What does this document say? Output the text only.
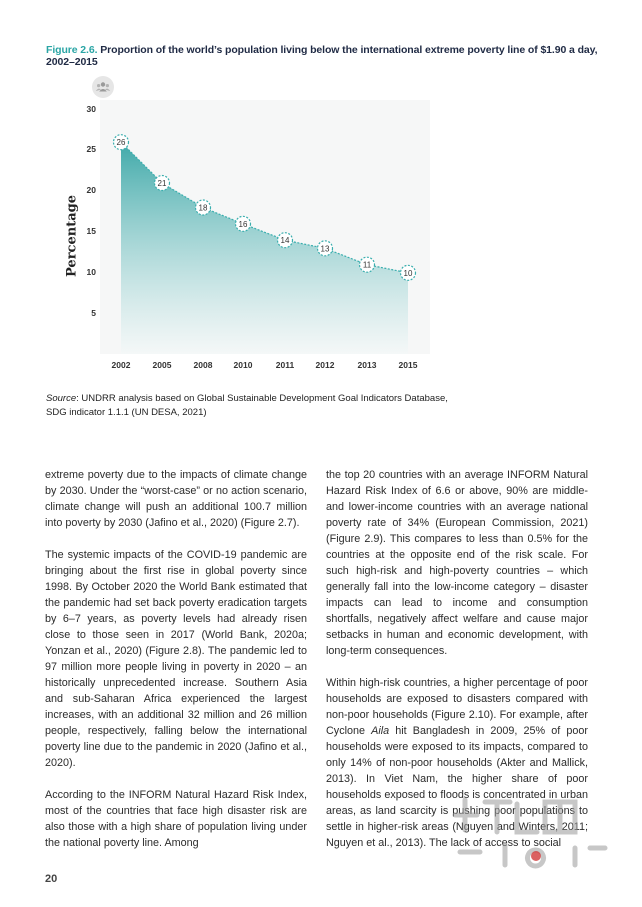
Figure 2.6. Proportion of the world’s population living below the international extreme poverty line of $1.90 a day, 2002–2015
30
25
20
15
10
5
2002	2005	2008 2010	2011	2012	2013	2015
26
21
18
16
14
13
11
10
Percentage
Source: UNDRR analysis based on Global Sustainable Development Goal Indicators Database,
SDG indicator 1.1.1 (UN DESA, 2021)

extreme poverty due to the impacts of climate change by 2030. Under the “worst-case” or no action scenario, climate change will push an additional 100.7 million into poverty by 2030 (Jafino et al., 2020) (Figure 2.7).

The systemic impacts of the COVID-19 pandemic are bringing about the first rise in global poverty since 1998. By October 2020 the World Bank estimated that the pandemic had set back poverty eradication targets by 6–7 years, as poverty levels had already risen close to those seen in 2017 (World Bank, 2020a; Yonzan et al., 2020) (Figure 2.8). The pandemic led to 97 million more people living in poverty in 2020 – an historically unprecedented increase. Southern Asia and sub-Saharan Africa experienced the largest increases, with an additional 32 million and 26 million people, respectively, falling below the international poverty line due to the pandemic in 2020 (Jafino et al., 2020).

According to the INFORM Natural Hazard Risk Index, most of the countries that face high disaster risk are also those with a high share of population living under the national poverty line. Among

the top 20 countries with an average INFORM Natural Hazard Risk Index of 6.6 or above, 90% are middle- and lower-income countries with an average national poverty rate of 34% (European Commission, 2021) (Figure 2.9). This compares to less than 0.5% for the countries at the opposite end of the risk scale. For such high-risk and high-poverty countries – which generally fall into the low-income category – disaster impacts can lead to income and consumption shortfalls, negatively affect welfare and cause major setbacks in human and economic development, with long-term consequences.

Within high-risk countries, a higher percentage of poor households are exposed to disasters compared with non-poor households (Figure 2.10). For example, after Cyclone Aila hit Bangladesh in 2009, 25% of poor households were exposed to its impacts, compared to only 14% of non-poor households (Akter and Mallick, 2013). In Viet Nam, the higher share of poor households exposed to floods is concentrated in urban areas, as land scarcity is pushing poor populations to settle in higher-risk areas (Nguyen and Winters, 2011; Nguyen et al., 2013). The lack of access to social

20
